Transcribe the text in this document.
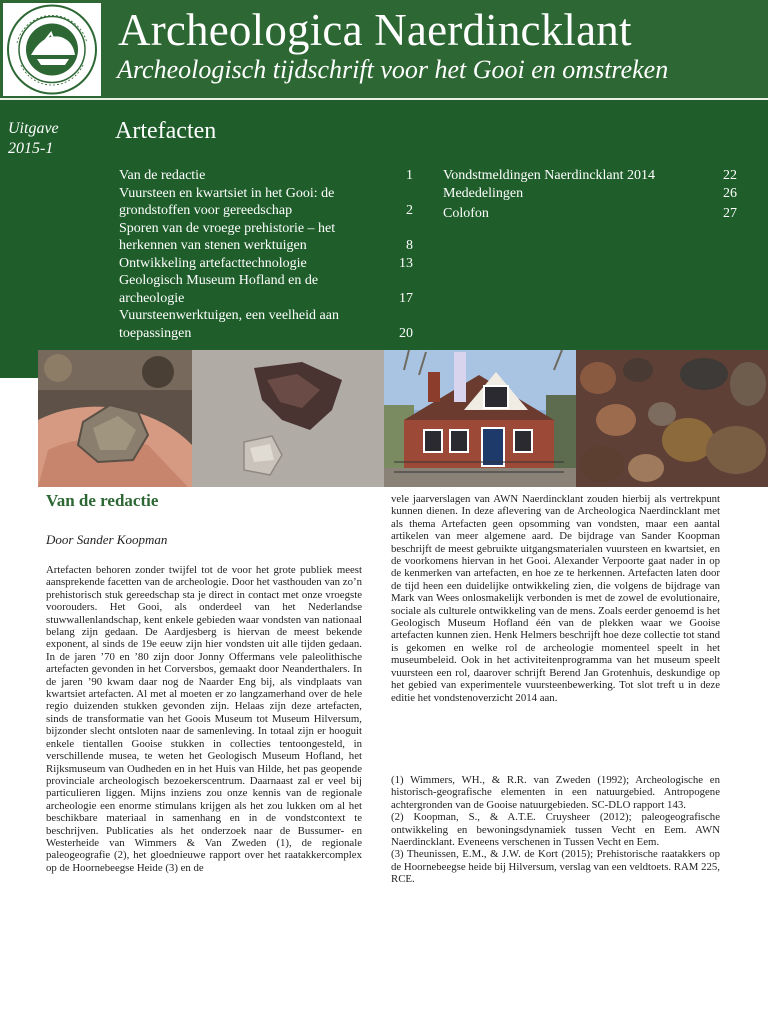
Archeologica Naerdincklant
Archeologisch tijdschrift voor het Gooi en omstreken
Uitgave
2015-1
Artefacten
Van de redactie	1
Vuursteen en kwartsiet in het Gooi: de grondstoffen voor gereedschap	2
Sporen van de vroege prehistorie – het herkennen van stenen werktuigen	8
Ontwikkeling artefacttechnologie	13
Geologisch Museum Hofland en de archeologie	17
Vuursteenwerktuigen, een veelheid aan toepassingen	20
Vondstmeldingen Naerdincklant 2014	22
Mededelingen	26
Colofon	27
Van de redactie
Door Sander Koopman

Artefacten behoren zonder twijfel tot de voor het grote publiek meest aansprekende facetten van de archeologie. Door het vasthouden van zo’n prehistorisch stuk gereedschap sta je direct in contact met onze vroegste voorouders. Het Gooi, als onderdeel van het Nederlandse stuwwallenlandschap, kent enkele gebieden waar vondsten van nationaal belang zijn gedaan. De Aardjesberg is hiervan de meest bekende exponent, al sinds de 19e eeuw zijn hier vondsten uit alle tijden gedaan. In de jaren ’70 en ’80 zijn door Jonny Offermans vele paleolithische artefacten gevonden in het Corversbos, gemaakt door Neanderthalers. In de jaren ’90 kwam daar nog de Naarder Eng bij, als vindplaats van kwartsiet artefacten. Al met al moeten er zo langzamerhand over de hele regio duizenden stukken gevonden zijn. Helaas zijn deze artefacten, sinds de transformatie van het Goois Museum tot Museum Hilversum, bijzonder slecht ontsloten naar de samenleving. In totaal zijn er hooguit enkele tientallen Gooise stukken in collecties tentoongesteld, in verschillende musea, te weten het Geologisch Museum Hofland, het Rijksmuseum van Oudheden en in het Huis van Hilde, het pas geopende provinciale archeologisch bezoekerscentrum. Daarnaast zal er veel bij particulieren liggen. Mijns inziens zou onze kennis van de regionale archeologie een enorme stimulans krijgen als het zou lukken om al het beschikbare materiaal in samenhang en in de vondstcontext te beschrijven. Publicaties als het onderzoek naar de Bussumer- en Westerheide van Wimmers & Van Zweden (1), de regionale paleogeografie (2), het gloednieuwe rapport over het raatakkercomplex op de Hoornebeegse Heide (3) en de

vele jaarverslagen van AWN Naerdincklant zouden hierbij als vertrekpunt kunnen dienen. In deze aflevering van de Archeologica Naerdincklant met als thema Artefacten geen opsomming van vondsten, maar een aantal artikelen van meer algemene aard. De bijdrage van Sander Koopman beschrijft de meest gebruikte uitgangsmaterialen vuursteen en kwartsiet, en de voorkomens hiervan in het Gooi. Alexander Verpoorte gaat nader in op de kenmerken van artefacten, en hoe ze te herkennen. Artefacten laten door de tijd heen een duidelijke ontwikkeling zien, die volgens de bijdrage van Mark van Wees onlosmakelijk verbonden is met de zowel de evolutionaire, sociale als culturele ontwikkeling van de mens. Zoals eerder genoemd is het Geologisch Museum Hofland één van de plekken waar we Gooise artefacten kunnen zien. Henk Helmers beschrijft hoe deze collectie tot stand is gekomen en welke rol de archeologie momenteel speelt in het museumbeleid. Ook in het activiteitenprogramma van het museum speelt vuursteen een rol, daarover schrijft Berend Jan Grotenhuis, deskundige op het gebied van experimentele vuursteenbewerking. Tot slot treft u in deze editie het vondstenoverzicht 2014 aan.

(1) Wimmers, WH., & R.R. van Zweden (1992); Archeologische en historisch-geografische elementen in een natuurgebied. Antropogene achtergronden van de Gooise natuurgebieden. SC-DLO rapport 143.

(2) Koopman, S., & A.T.E. Cruysheer (2012); paleogeografische ontwikkeling en bewoningsdynamiek tussen Vecht en Eem. AWN Naerdincklant. Eveneens verschenen in Tussen Vecht en Eem.

(3) Theunissen, E.M., & J.W. de Kort (2015); Prehistorische raatakkers op de Hoornebeegse heide bij Hilversum, verslag van een veldtoets. RAM 225, RCE.
